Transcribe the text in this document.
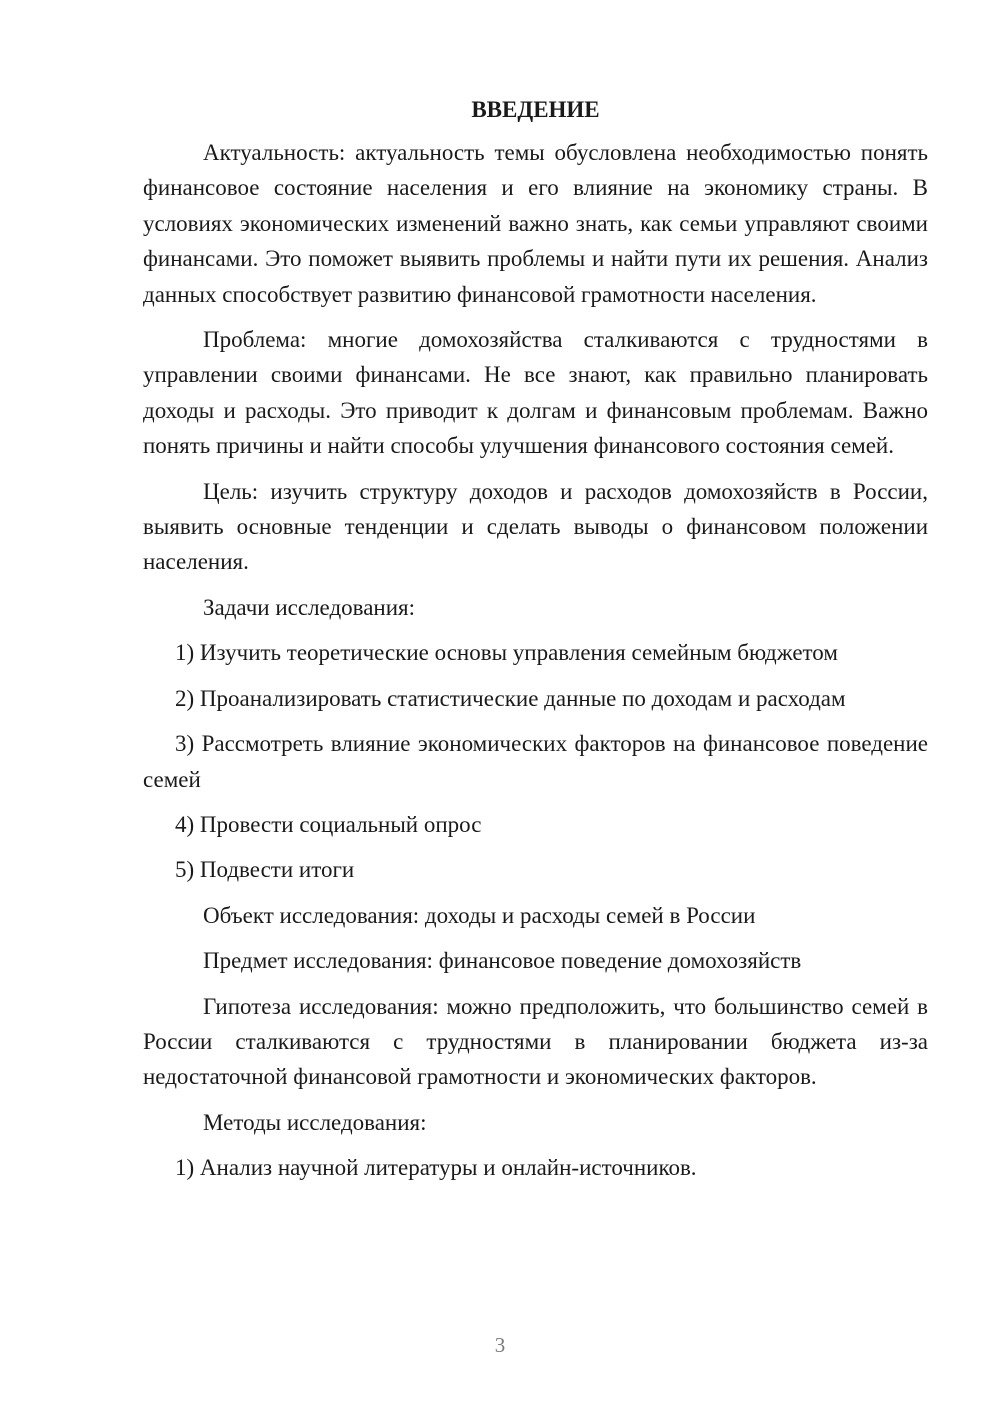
ВВЕДЕНИЕ

Актуальность: актуальность темы обусловлена необходимостью понять финансовое состояние населения и его влияние на экономику страны. В условиях экономических изменений важно знать, как семьи управляют своими финансами. Это поможет выявить проблемы и найти пути их решения. Анализ данных способствует развитию финансовой грамотности населения.

Проблема: многие домохозяйства сталкиваются с трудностями в управлении своими финансами. Не все знают, как правильно планировать доходы и расходы. Это приводит к долгам и финансовым проблемам. Важно понять причины и найти способы улучшения финансового состояния семей.

Цель: изучить структуру доходов и расходов домохозяйств в России, выявить основные тенденции и сделать выводы о финансовом положении населения.

Задачи исследования:

1) Изучить теоретические основы управления семейным бюджетом

2) Проанализировать статистические данные по доходам и расходам

3) Рассмотреть влияние экономических факторов на финансовое поведение семей

4) Провести социальный опрос

5) Подвести итоги

Объект исследования: доходы и расходы семей в России

Предмет исследования: финансовое поведение домохозяйств

Гипотеза исследования: можно предположить, что большинство семей в России сталкиваются с трудностями в планировании бюджета из-за недостаточной финансовой грамотности и экономических факторов.

Методы исследования:

1) Анализ научной литературы и онлайн-источников.

3
